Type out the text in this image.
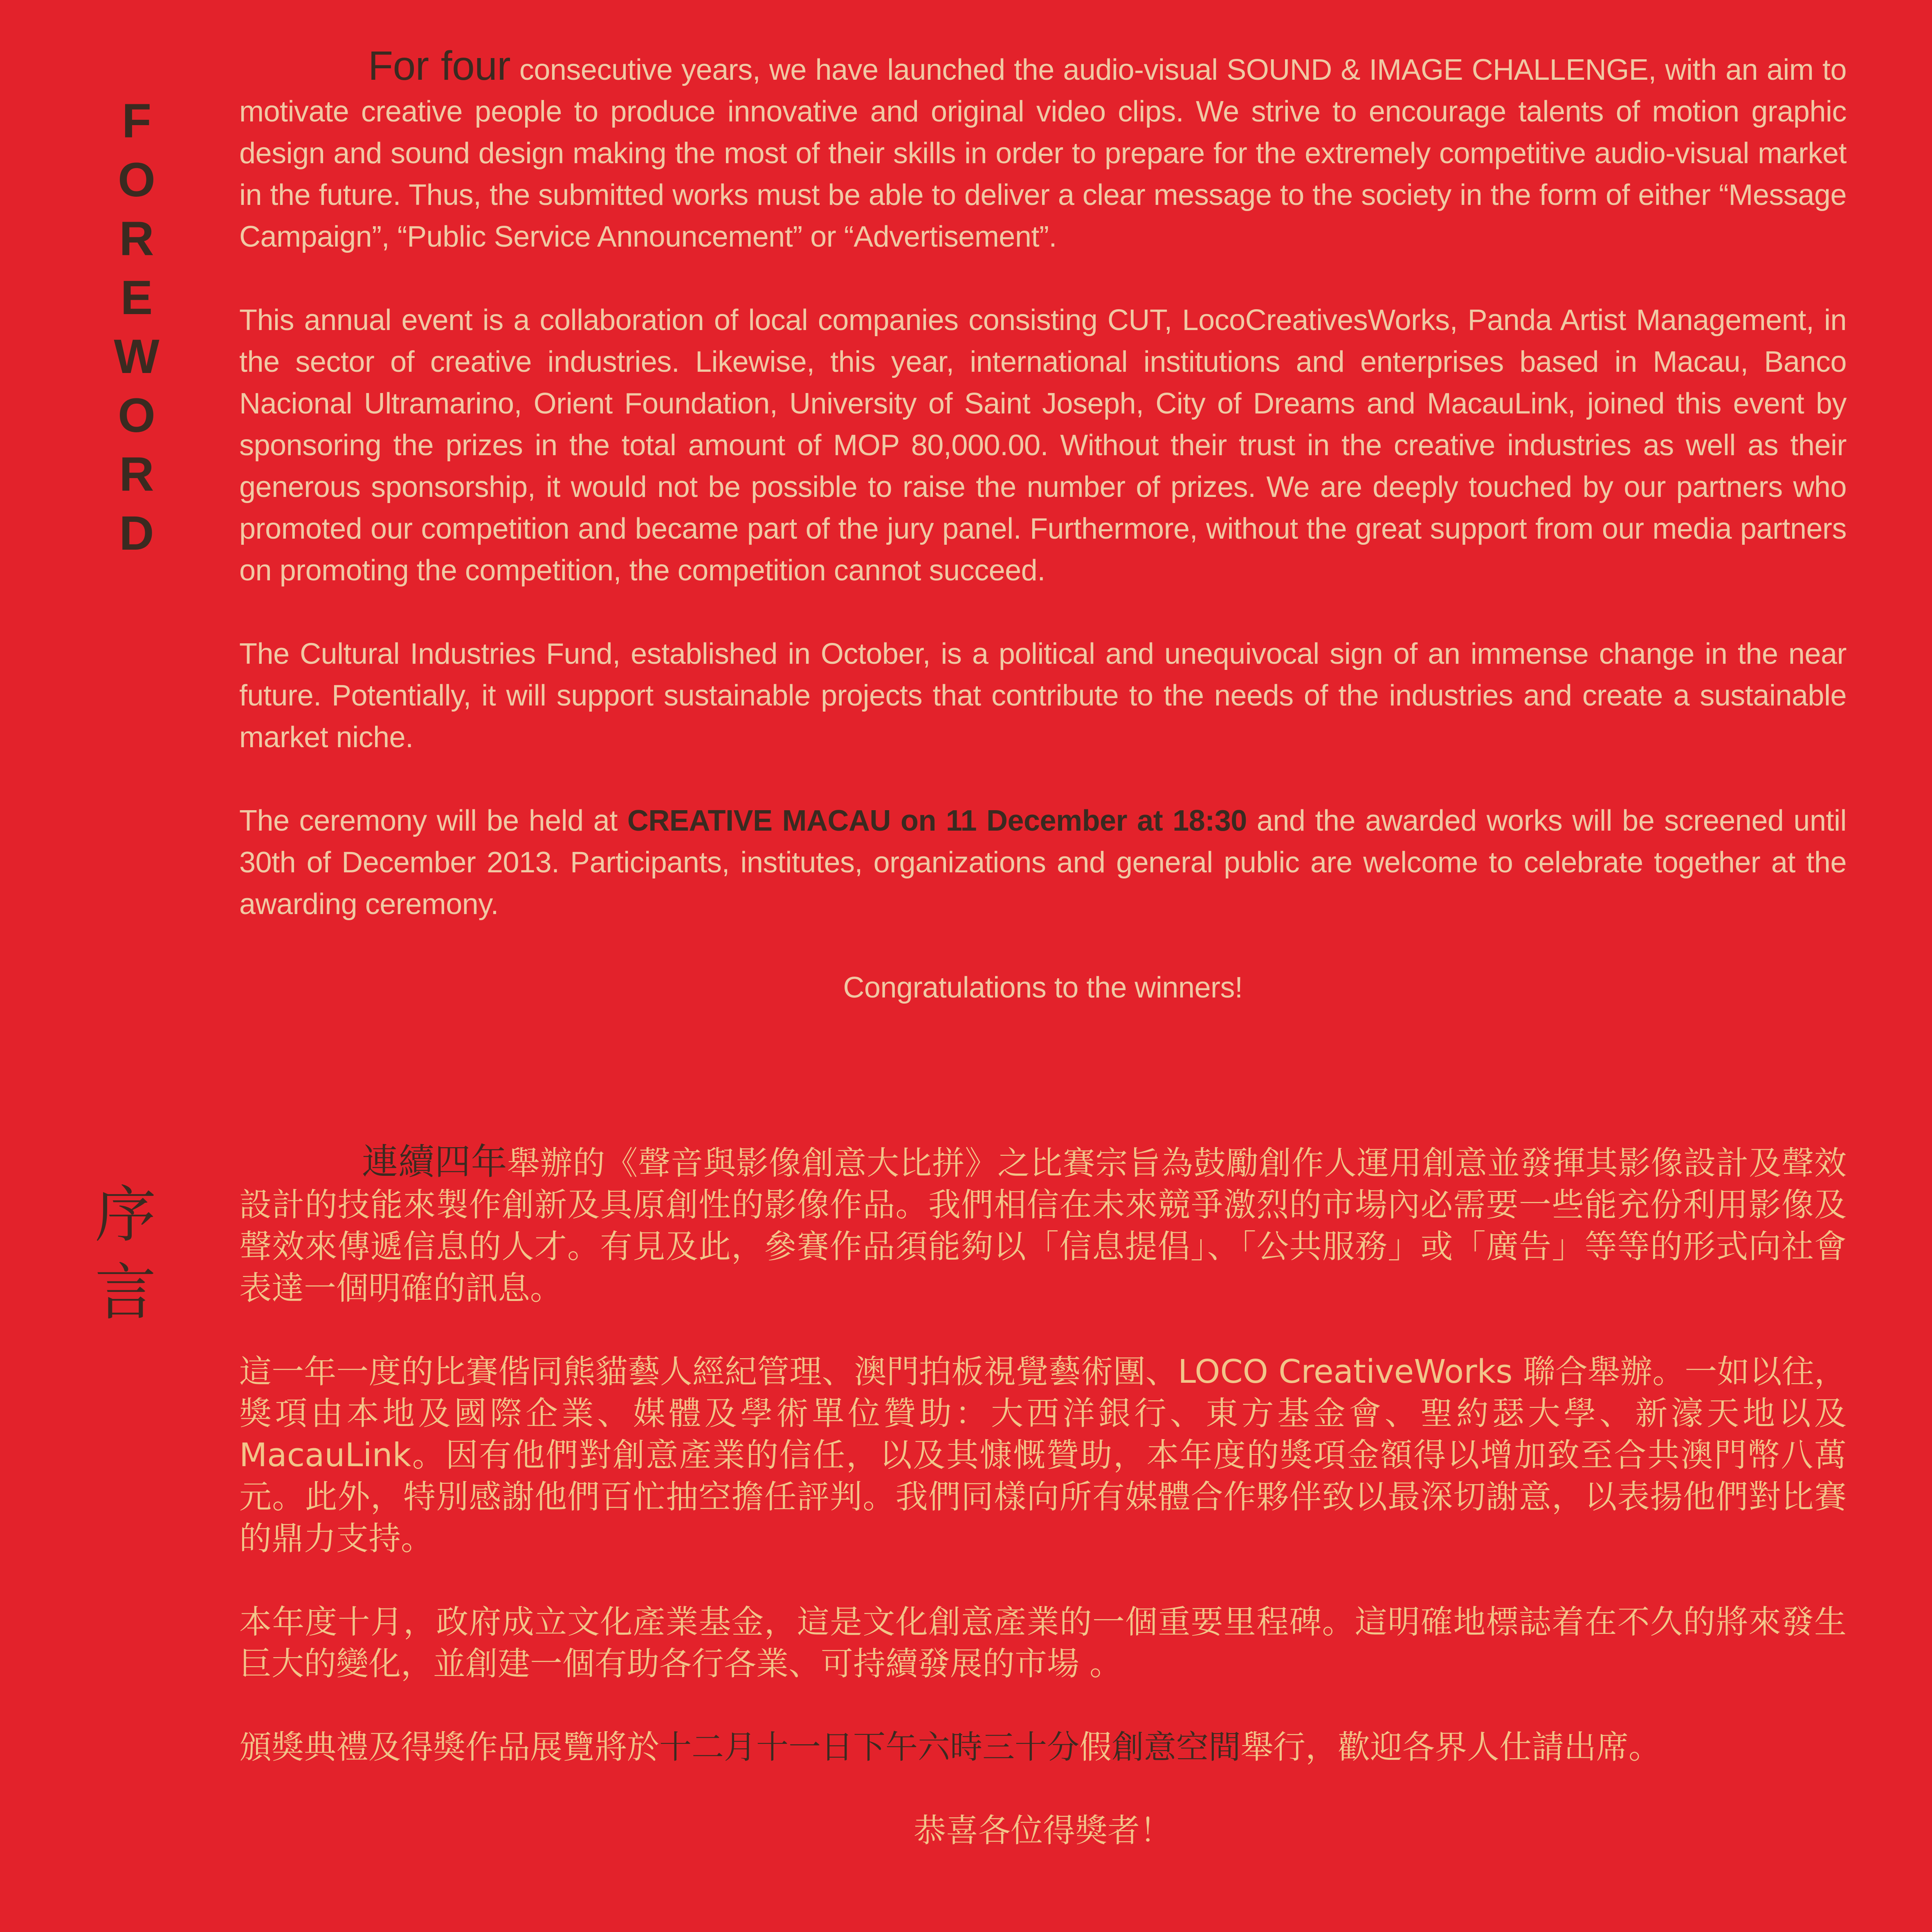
FOREWORD
序言

For four consecutive years, we have launched the audio-visual SOUND & IMAGE CHALLENGE, with an aim to motivate creative people to produce innovative and original video clips. We strive to encourage talents of motion graphic design and sound design making the most of their skills in order to prepare for the extremely competitive audio-visual market in the future. Thus, the submitted works must be able to deliver a clear message to the society in the form of either “Message Campaign”, “Public Service Announcement” or “Advertisement”.

This annual event is a collaboration of local companies consisting CUT, LocoCreativesWorks, Panda Artist Management, in the sector of creative industries. Likewise, this year, international institutions and enterprises based in Macau, Banco Nacional Ultramarino, Orient Foundation, University of Saint Joseph, City of Dreams and MacauLink, joined this event by sponsoring the prizes in the total amount of MOP 80,000.00. Without their trust in the creative industries as well as their generous sponsorship, it would not be possible to raise the number of prizes. We are deeply touched by our partners who promoted our competition and became part of the jury panel. Furthermore, without the great support from our media partners on promoting the competition, the competition cannot succeed.

The Cultural Industries Fund, established in October, is a political and unequivocal sign of an immense change in the near future. Potentially, it will support sustainable projects that contribute to the needs of the industries and create a sustainable market niche.

The ceremony will be held at CREATIVE MACAU on 11 December at 18:30 and the awarded works will be screened until 30th of December 2013. Participants, institutes, organizations and general public are welcome to celebrate together at the awarding ceremony.

Congratulations to the winners!

連續四年舉辦的《聲音與影像創意大比拼》之比賽宗旨為鼓勵創作人運用創意並發揮其影像設計及聲效設計的技能來製作創新及具原創性的影像作品。我們相信在未來競爭激烈的市場內必需要一些能充份利用影像及聲效來傳遞信息的人才。有見及此，參賽作品須能夠以「信息提倡」、「公共服務」或「廣告」等等的形式向社會表達一個明確的訊息。

這一年一度的比賽偕同熊貓藝人經紀管理、澳門拍板視覺藝術團、LOCO CreativeWorks 聯合舉辦。一如以往，獎項由本地及國際企業、媒體及學術單位贊助：大西洋銀行、東方基金會、聖約瑟大學、新濠天地以及MacauLink。因有他們對創意產業的信任，以及其慷慨贊助，本年度的獎項金額得以增加致至合共澳門幣八萬元。此外，特別感謝他們百忙抽空擔任評判。我們同樣向所有媒體合作夥伴致以最深切謝意，以表揚他們對比賽的鼎力支持。

本年度十月，政府成立文化產業基金，這是文化創意產業的一個重要里程碑。這明確地標誌着在不久的將來發生巨大的變化，並創建一個有助各行各業、可持續發展的市場 。

頒獎典禮及得獎作品展覽將於十二月十一日下午六時三十分假創意空間舉行，歡迎各界人仕請出席。

恭喜各位得獎者！
